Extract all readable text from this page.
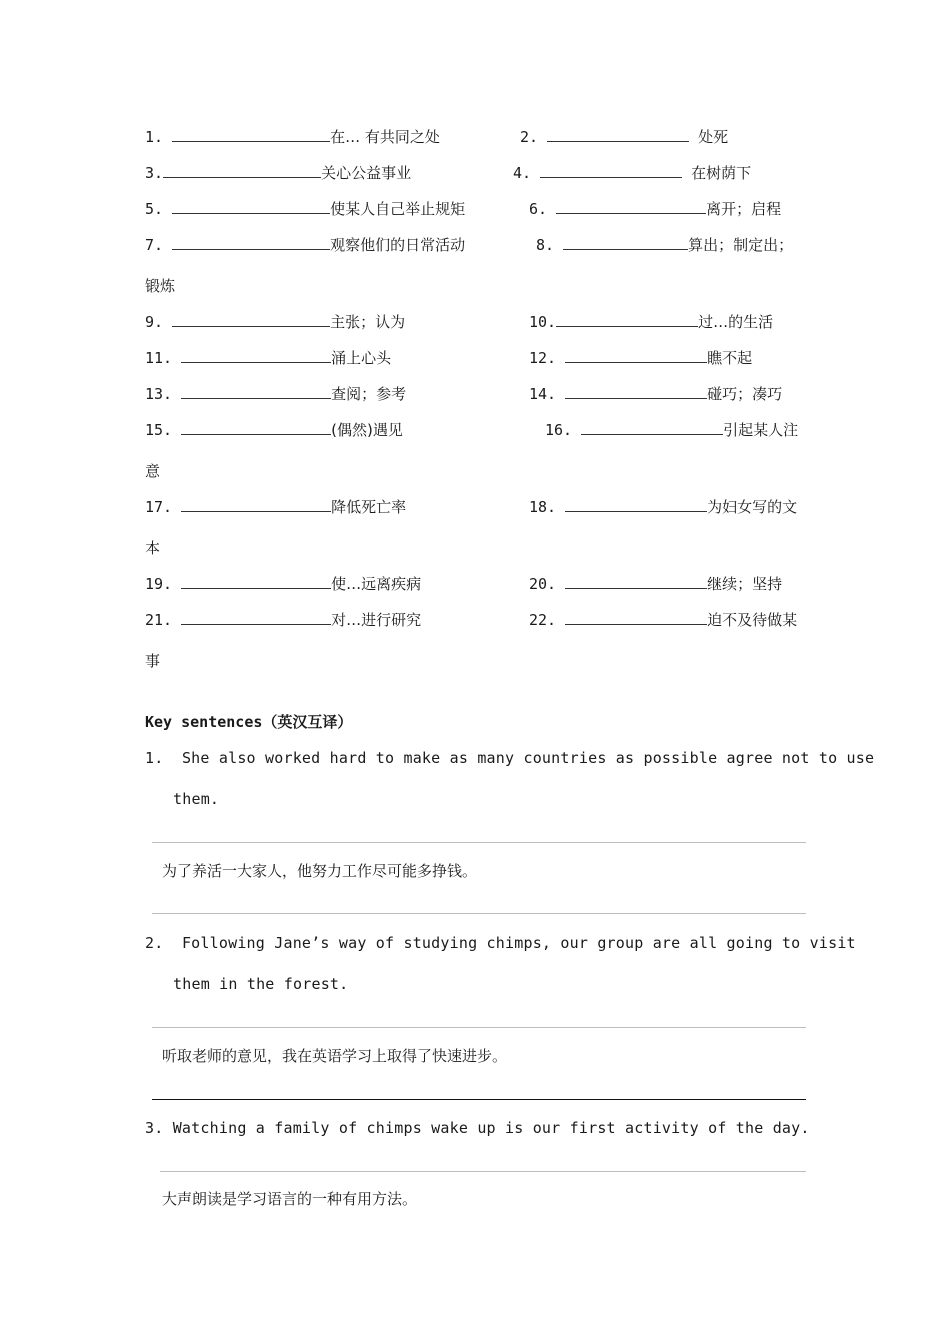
1.	在… 有共同之处	2.	处死
3.	关心公益事业	4.	在树荫下
5.	使某人自己举止规矩	6.	离开；启程
7.	观察他们的日常活动	8.	算出；制定出；
锻炼
9.	主张；认为	10.	过…的生活
11.	涌上心头	12.	瞧不起
13.	查阅；参考	14.	碰巧；凑巧
15.	(偶然)遇见	16.	引起某人注
意
17.	降低死亡率	18.	为妇女写的文
本
19.	使…远离疾病	20.	继续；坚持
21.	对…进行研究	22.	迫不及待做某
事
Key sentences（英汉互译）
1. She also worked hard to make as many countries as possible agree not to use
them.
为了养活一大家人，他努力工作尽可能多挣钱。
2. Following Jane’s way of studying chimps, our group are all going to visit
them in the forest.
听取老师的意见，我在英语学习上取得了快速进步。
3. Watching a family of chimps wake up is our first activity of the day.
大声朗读是学习语言的一种有用方法。
